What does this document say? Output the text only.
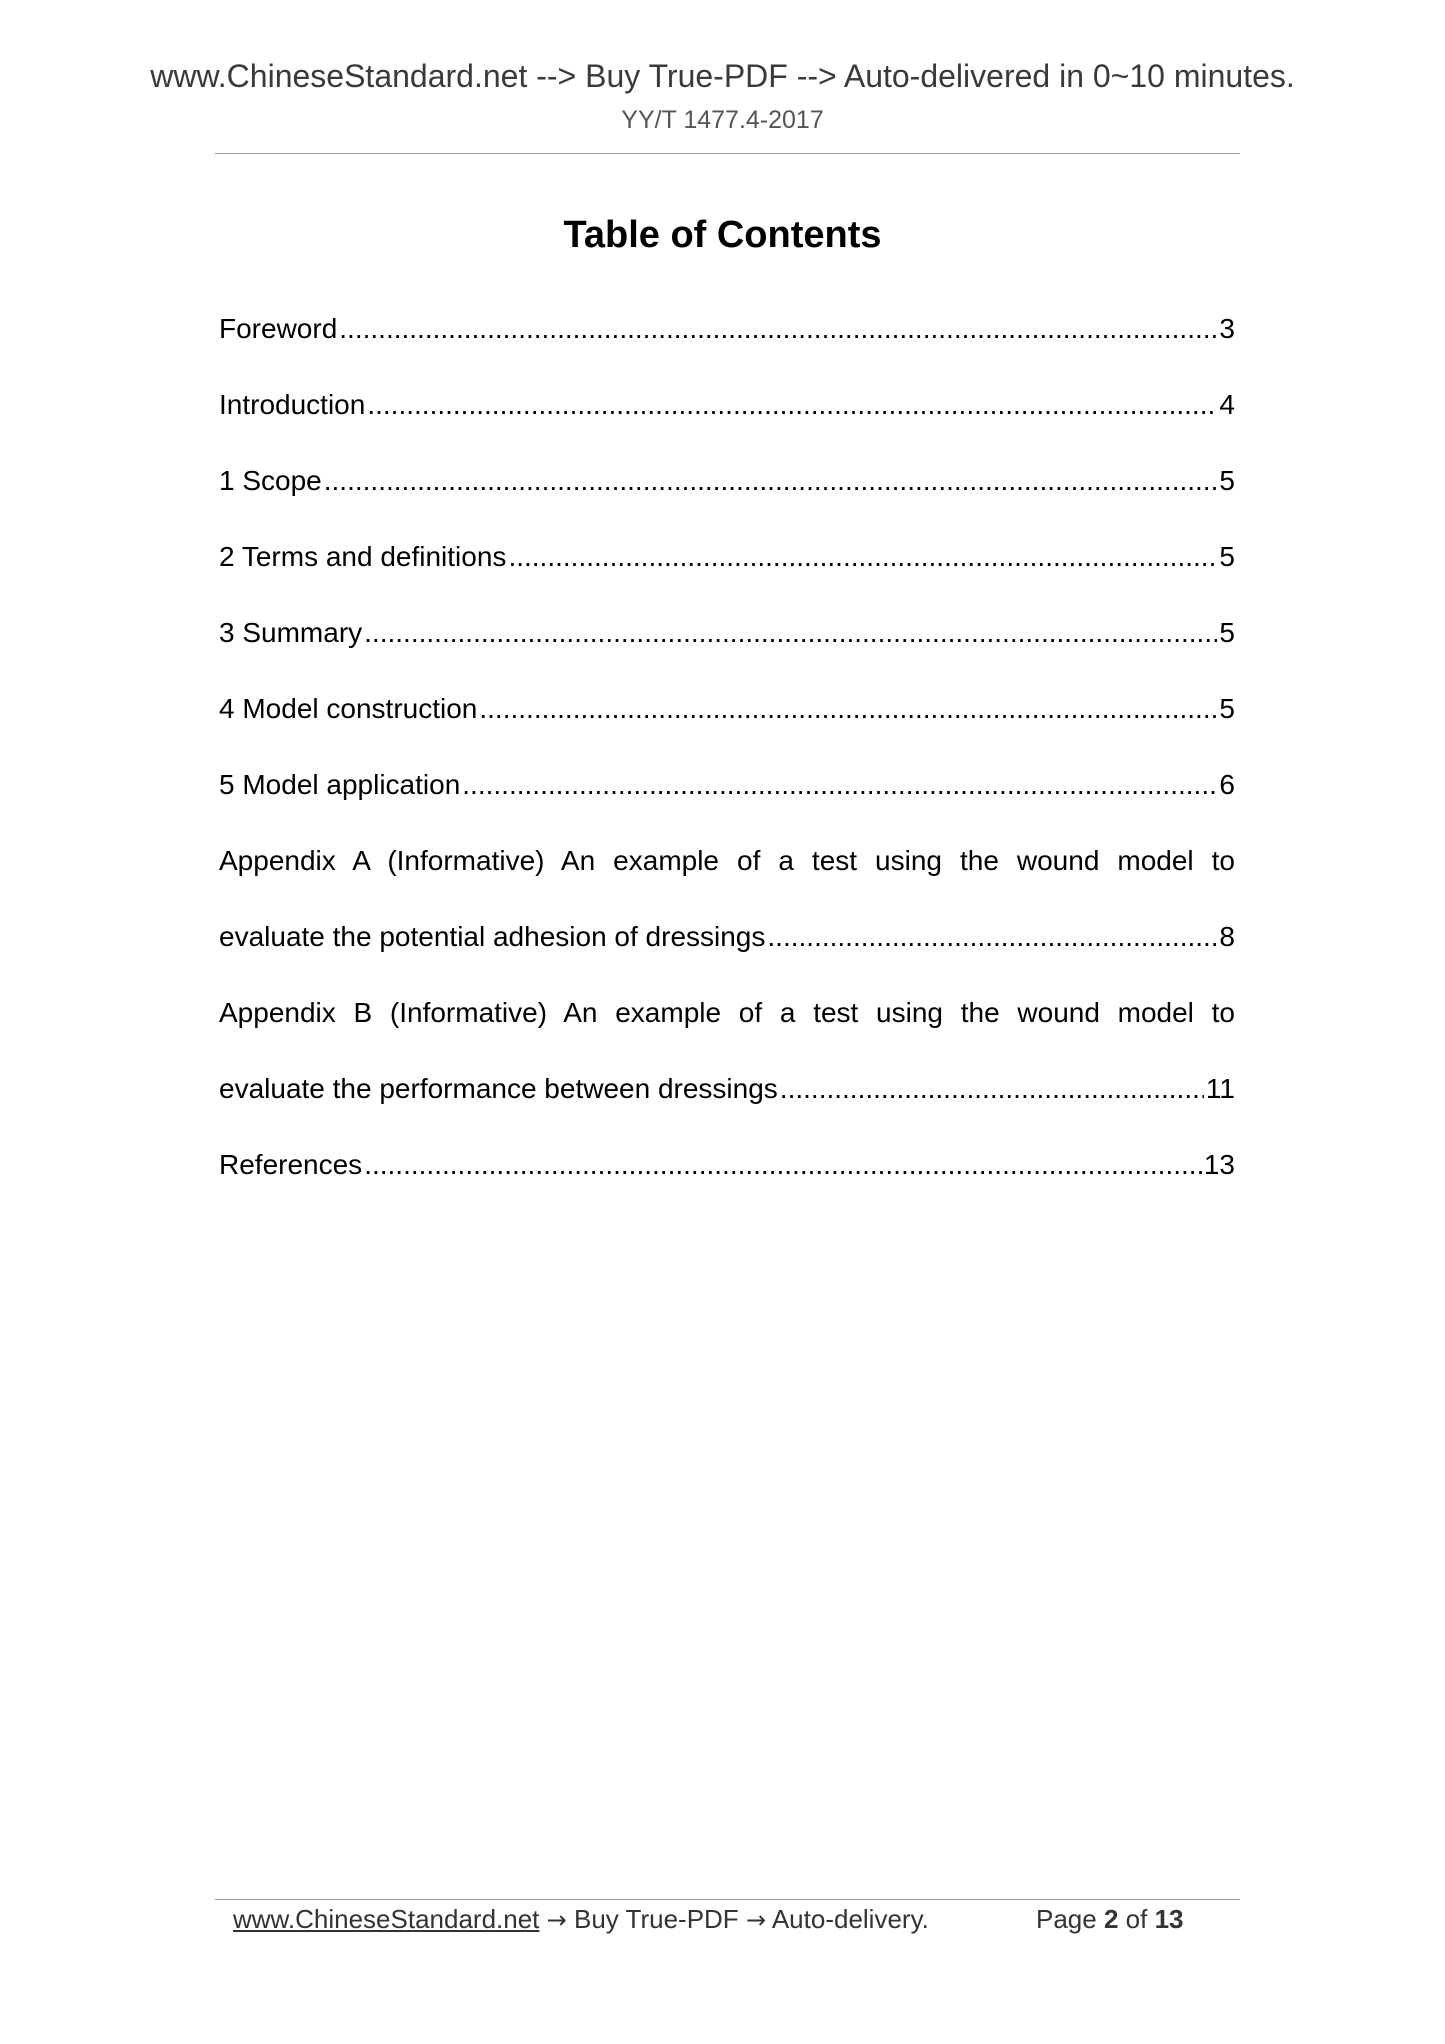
www.ChineseStandard.net --> Buy True-PDF --> Auto-delivered in 0~10 minutes.
YY/T 1477.4-2017
Table of Contents
Foreword .....	3
Introduction .....	4
1 Scope .....	5
2 Terms and definitions .....	5
3 Summary .....	5
4 Model construction .....	5
5 Model application .....	6
Appendix A (Informative) An example of a test using the wound model to
evaluate the potential adhesion of dressings .....	8
Appendix B (Informative) An example of a test using the wound model to
evaluate the performance between dressings .....	11
References .....	13
www.ChineseStandard.net → Buy True-PDF → Auto-delivery.	Page 2 of 13
